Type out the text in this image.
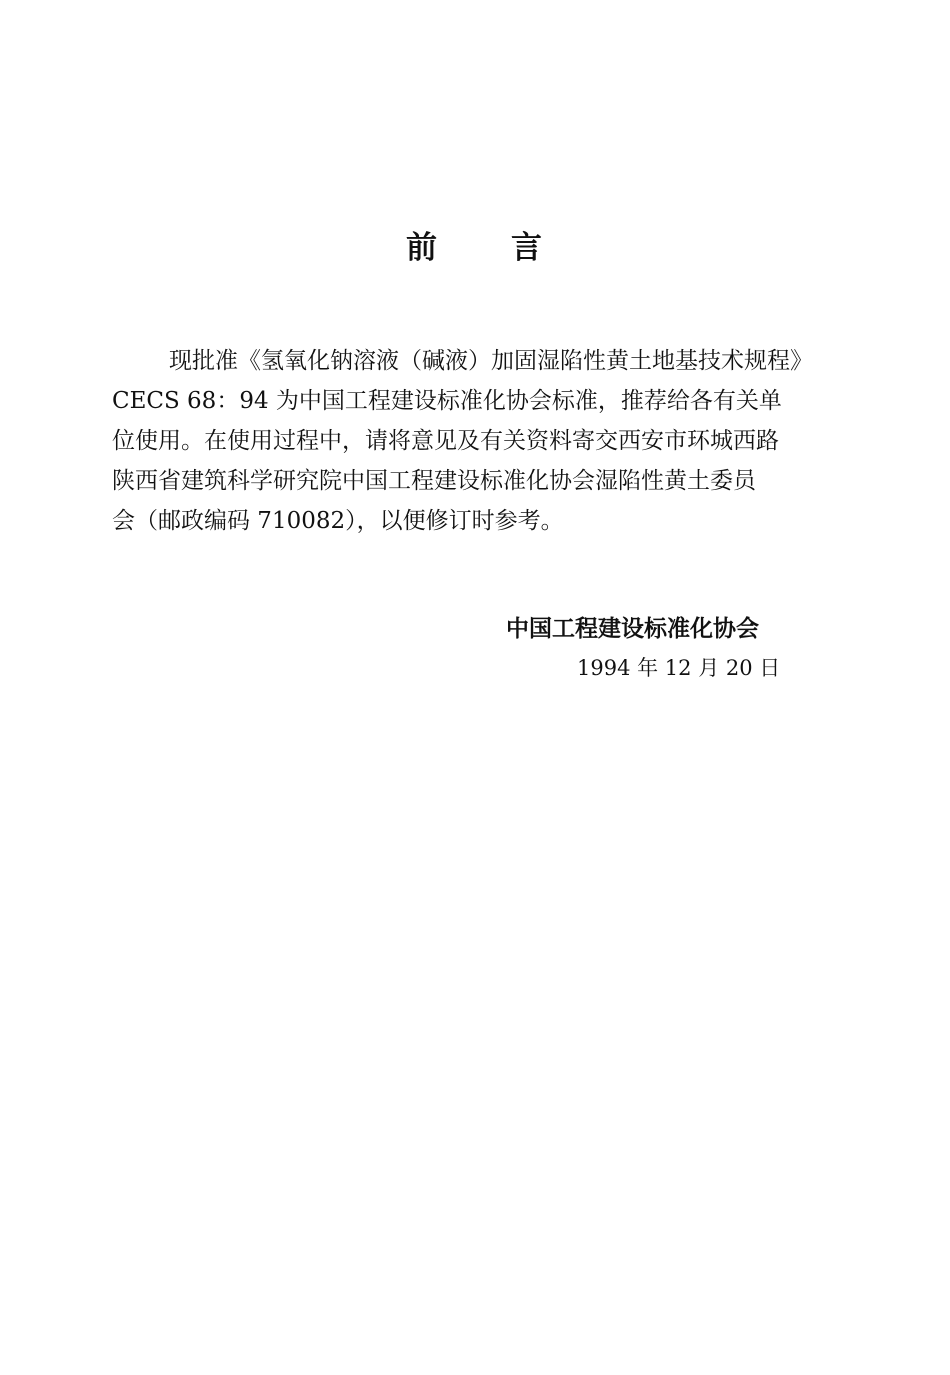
前 言
现批准《氢氧化钠溶液（碱液）加固湿陷性黄土地基技术规程》
CECS 68：94 为中国工程建设标准化协会标准，推荐给各有关单
位使用。在使用过程中，请将意见及有关资料寄交西安市环城西路
陕西省建筑科学研究院中国工程建设标准化协会湿陷性黄土委员
会（邮政编码 710082），以便修订时参考。
中国工程建设标准化协会
1994 年 12 月 20 日
